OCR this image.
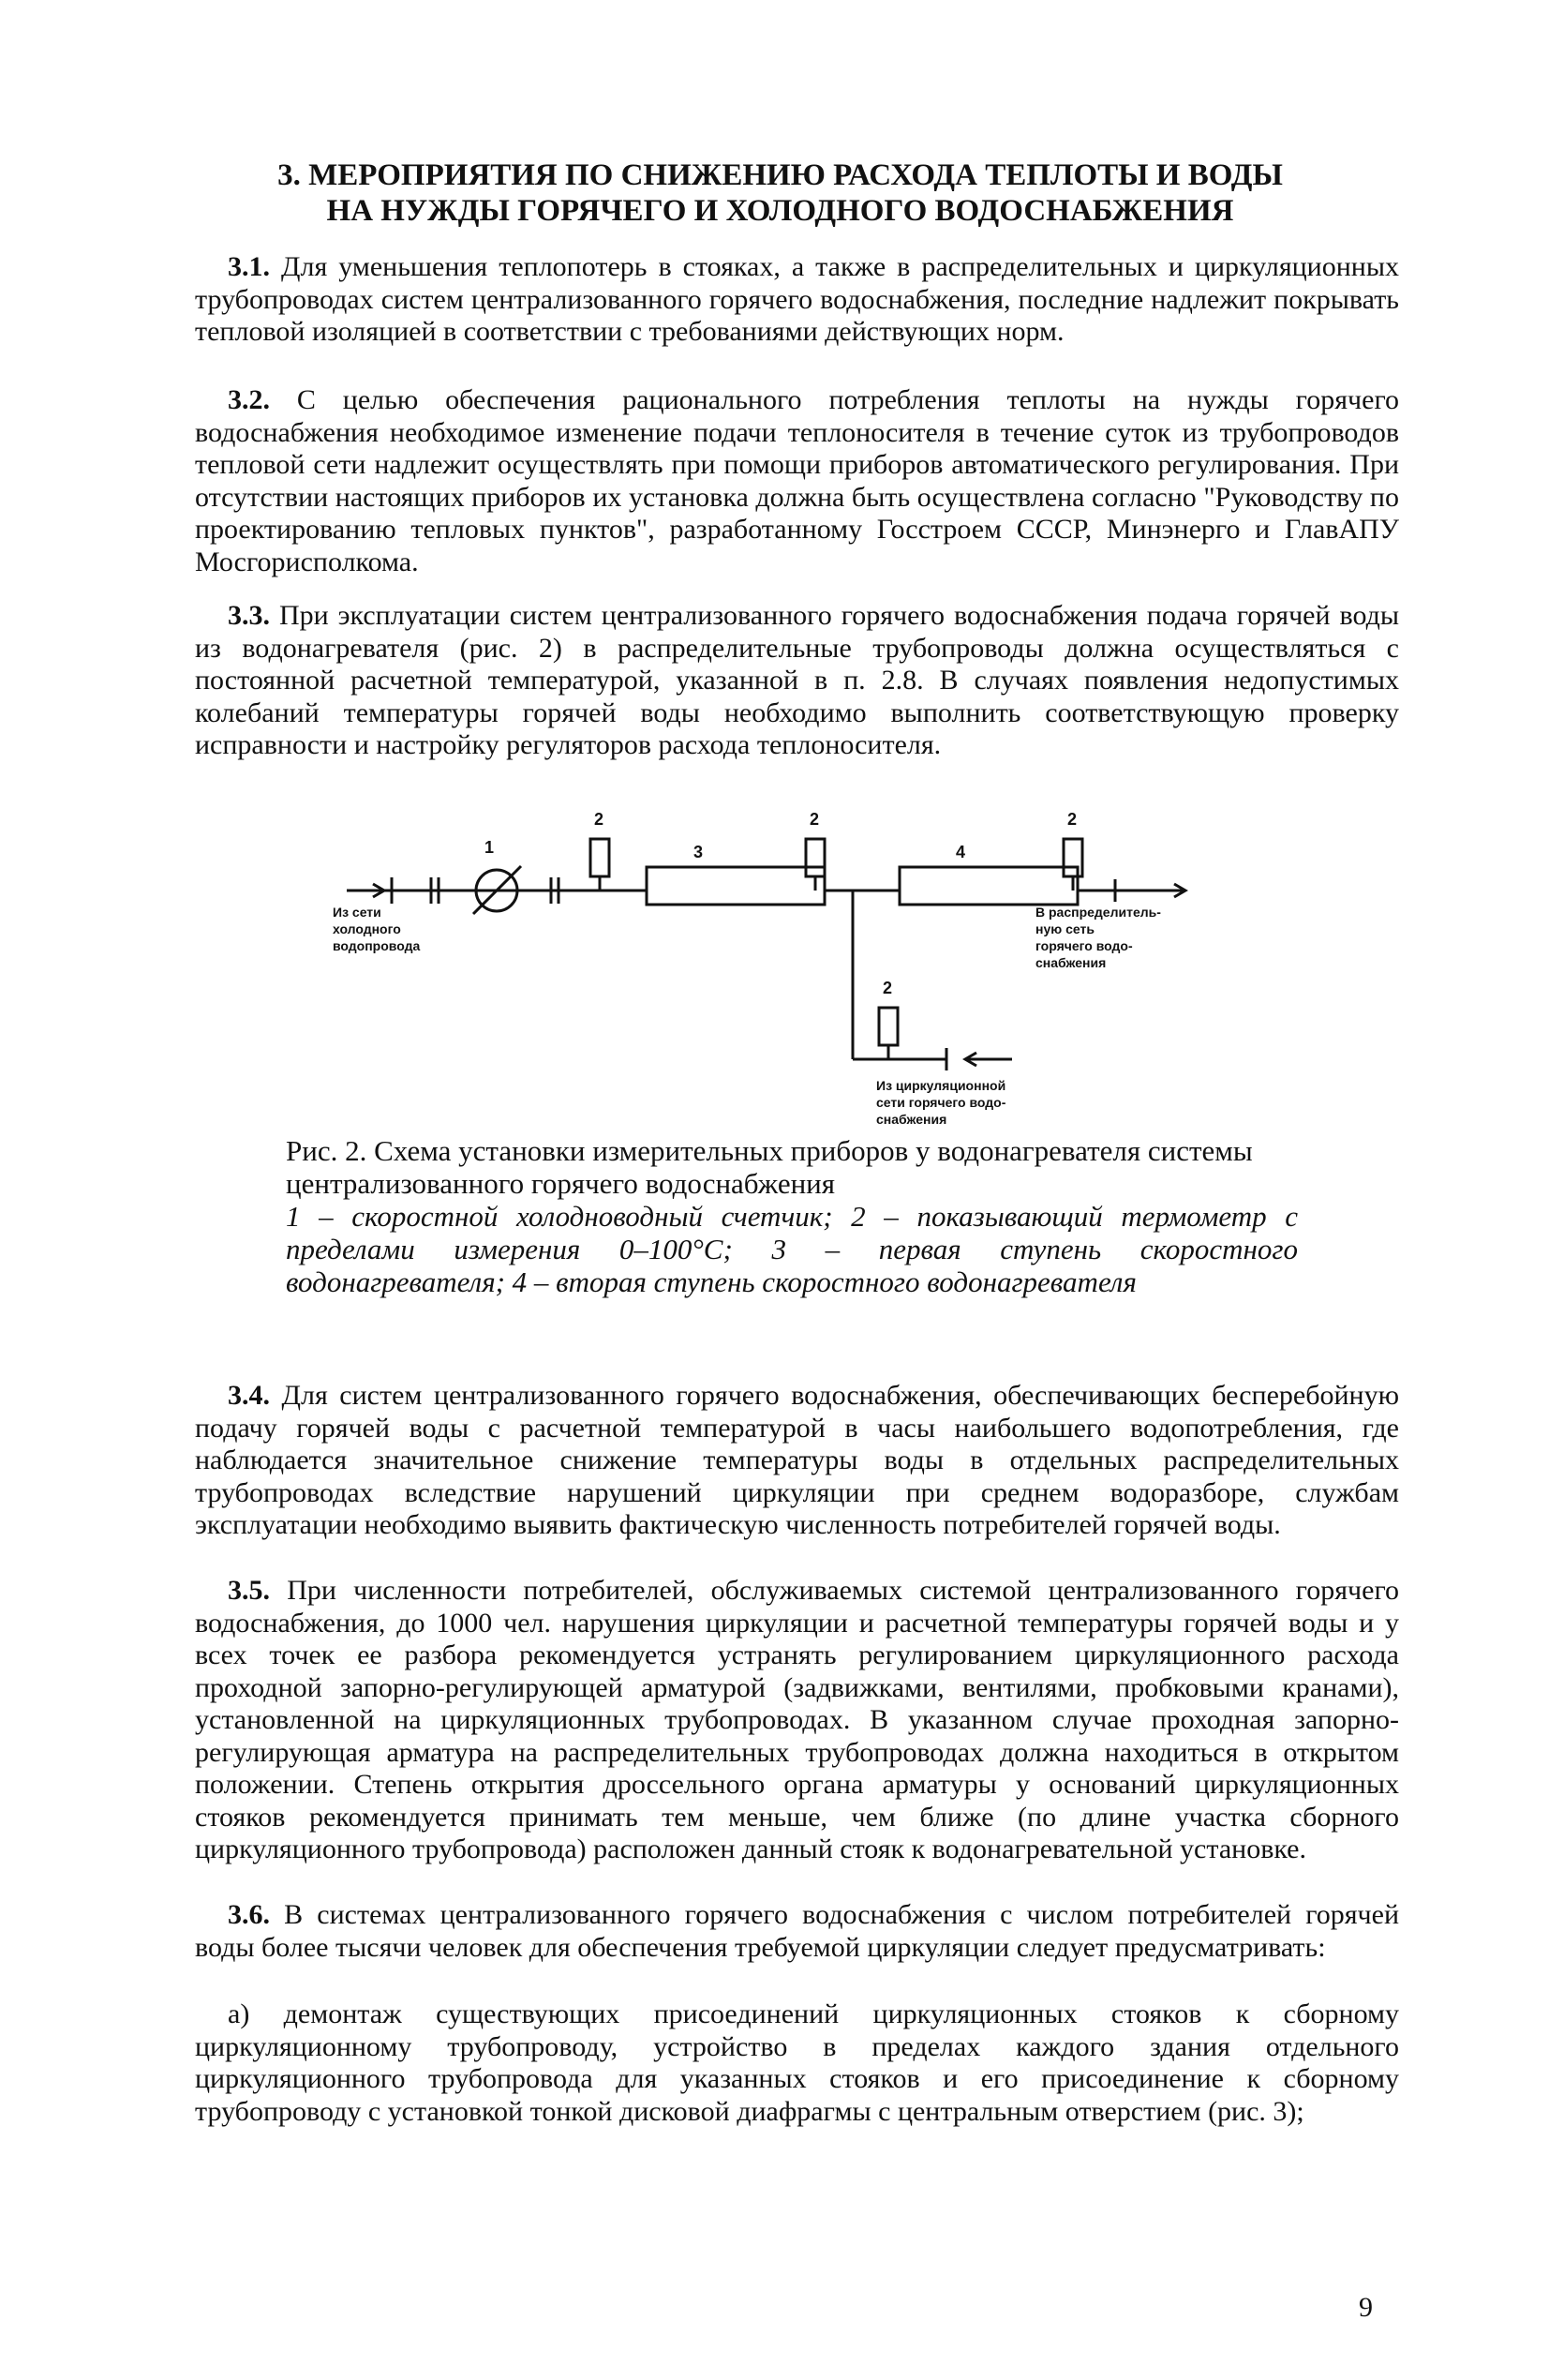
3. МЕРОПРИЯТИЯ ПО СНИЖЕНИЮ РАСХОДА ТЕПЛОТЫ И ВОДЫ
НА НУЖДЫ ГОРЯЧЕГО И ХОЛОДНОГО ВОДОСНАБЖЕНИЯ

3.1. Для уменьшения теплопотерь в стояках, а также в распределительных и циркуляционных трубопроводах систем централизованного горячего водоснабжения, последние надлежит покрывать тепловой изоляцией в соответствии с требованиями действующих норм.

3.2. С целью обеспечения рационального потребления теплоты на нужды горячего водоснабжения необходимое изменение подачи теплоносителя в течение суток из трубопроводов тепловой сети надлежит осуществлять при помощи приборов автоматического регулирования. При отсутствии настоящих приборов их установка должна быть осуществлена согласно "Руководству по проектированию тепловых пунктов", разработанному Госстроем СССР, Минэнерго и ГлавАПУ Мосгорисполкома.

3.3. При эксплуатации систем централизованного горячего водоснабжения подача горячей воды из водонагревателя (рис. 2) в распределительные трубопроводы должна осуществляться с постоянной расчетной температурой, указанной в п. 2.8. В случаях появления недопустимых колебаний температуры горячей воды необходимо выполнить соответствующую проверку исправности и настройку регуляторов расхода теплоносителя.

1
2
3
2
4
2
2
Из сети
холодного
водопровода
В распределитель-
ную сеть
горячего водо-
снабжения
Из циркуляционной
сети горячего водо-
снабжения
Рис. 2. Схема установки измерительных приборов у водонагревателя системы централизованного горячего водоснабжения
1 – скоростной холодноводный счетчик; 2 – показывающий термометр с пределами измерения 0–100°С; 3 – первая ступень скоростного водонагревателя; 4 – вторая ступень скоростного водонагревателя

3.4. Для систем централизованного горячего водоснабжения, обеспечивающих бесперебойную подачу горячей воды с расчетной температурой в часы наибольшего водопотребления, где наблюдается значительное снижение температуры воды в отдельных распределительных трубопроводах вследствие нарушений циркуляции при среднем водоразборе, службам эксплуатации необходимо выявить фактическую численность потребителей горячей воды.

3.5. При численности потребителей, обслуживаемых системой централизованного горячего водоснабжения, до 1000 чел. нарушения циркуляции и расчетной температуры горячей воды и у всех точек ее разбора рекомендуется устранять регулированием циркуляционного расхода проходной запорно-регулирующей арматурой (задвижками, вентилями, пробковыми кранами), установленной на циркуляционных трубопроводах. В указанном случае проходная запорно-регулирующая арматура на распределительных трубопроводах должна находиться в открытом положении. Степень открытия дроссельного органа арматуры у оснований циркуляционных стояков рекомендуется принимать тем меньше, чем ближе (по длине участка сборного циркуляционного трубопровода) расположен данный стояк к водонагревательной установке.

3.6. В системах централизованного горячего водоснабжения с числом потребителей горячей воды более тысячи человек для обеспечения требуемой циркуляции следует предусматривать:

а) демонтаж существующих присоединений циркуляционных стояков к сборному циркуляционному трубопроводу, устройство в пределах каждого здания отдельного циркуляционного трубопровода для указанных стояков и его присоединение к сборному трубопроводу с установкой тонкой дисковой диафрагмы с центральным отверстием (рис. 3);

9
